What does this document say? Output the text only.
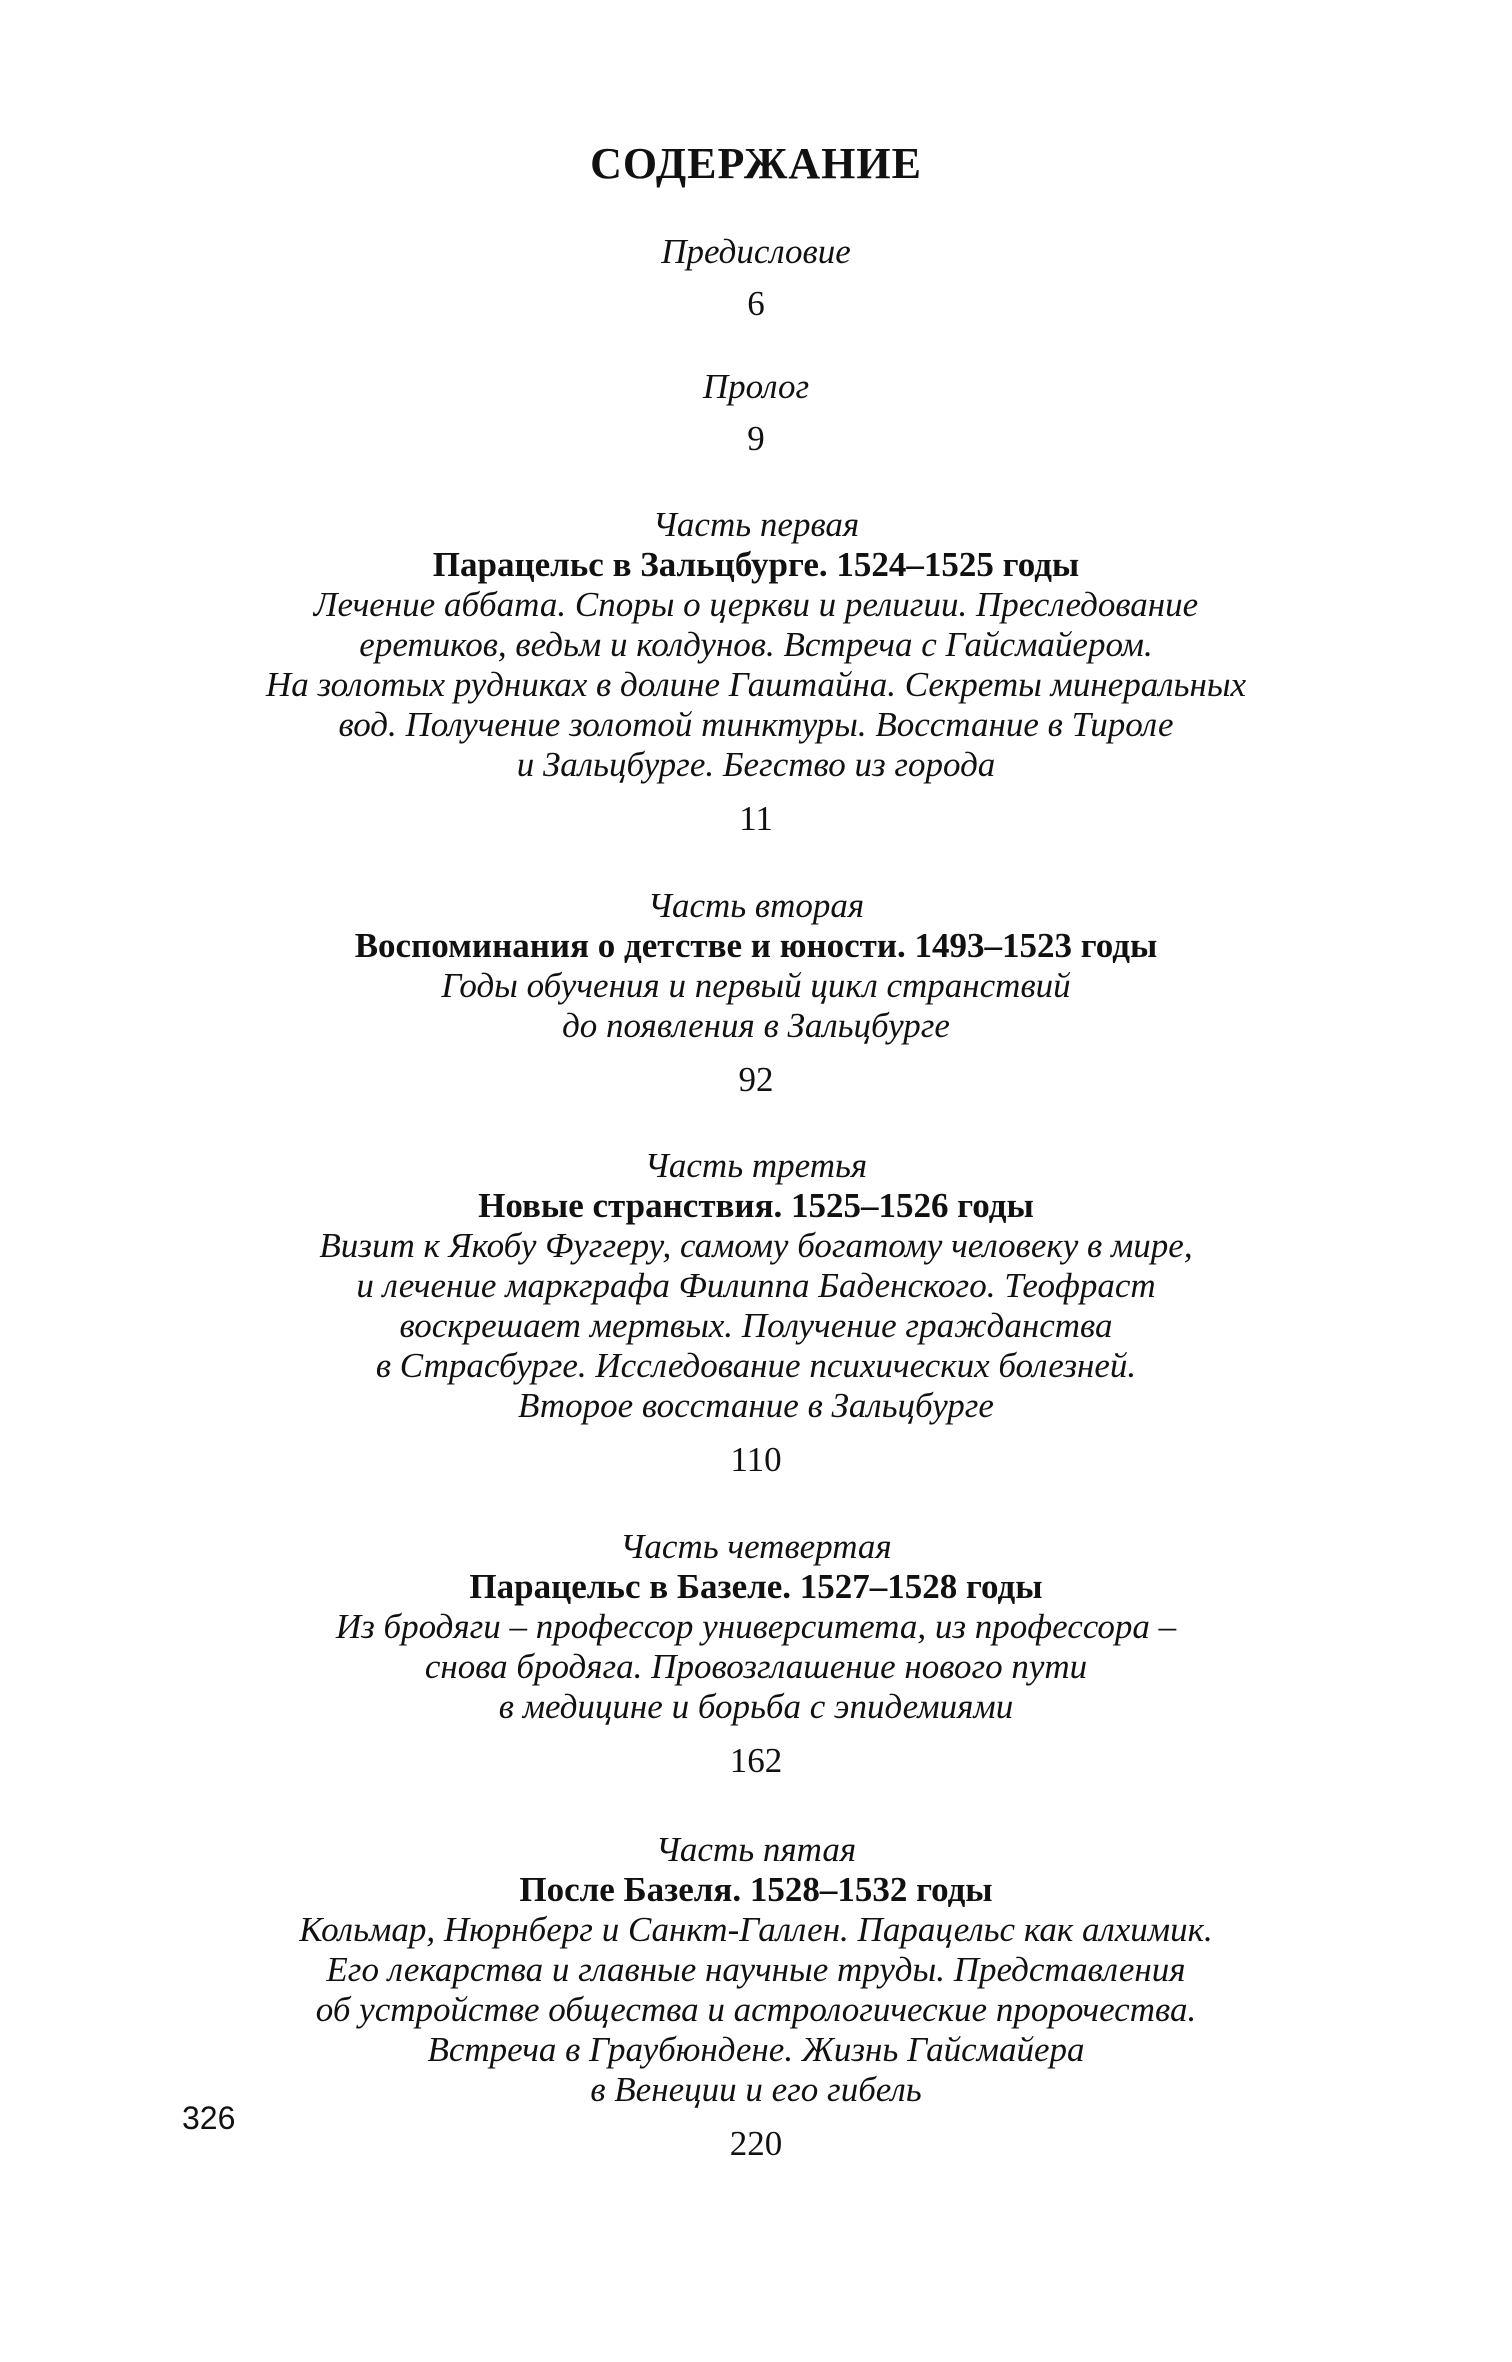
СОДЕРЖАНИЕ
Предисловие
6
Пролог
9
Часть первая
Парацельс в Зальцбурге. 1524–1525 годы
Лечение аббата. Споры о церкви и религии. Преследование
еретиков, ведьм и колдунов. Встреча с Гайсмайером.
На золотых рудниках в долине Гаштайна. Секреты минеральных
вод. Получение золотой тинктуры. Восстание в Тироле
и Зальцбурге. Бегство из города
11
Часть вторая
Воспоминания о детстве и юности. 1493–1523 годы
Годы обучения и первый цикл странствий
до появления в Зальцбурге
92
Часть третья
Новые странствия. 1525–1526 годы
Визит к Якобу Фуггеру, самому богатому человеку в мире,
и лечение маркграфа Филиппа Баденского. Теофраст
воскрешает мертвых. Получение гражданства
в Страсбурге. Исследование психических болезней.
Второе восстание в Зальцбурге
110
Часть четвертая
Парацельс в Базеле. 1527–1528 годы
Из бродяги – профессор университета, из профессора –
снова бродяга. Провозглашение нового пути
в медицине и борьба с эпидемиями
162
Часть пятая
После Базеля. 1528–1532 годы
Кольмар, Нюрнберг и Санкт-Галлен. Парацельс как алхимик.
Его лекарства и главные научные труды. Представления
об устройстве общества и астрологические пророчества.
Встреча в Граубюндене. Жизнь Гайсмайера
в Венеции и его гибель
220
326
